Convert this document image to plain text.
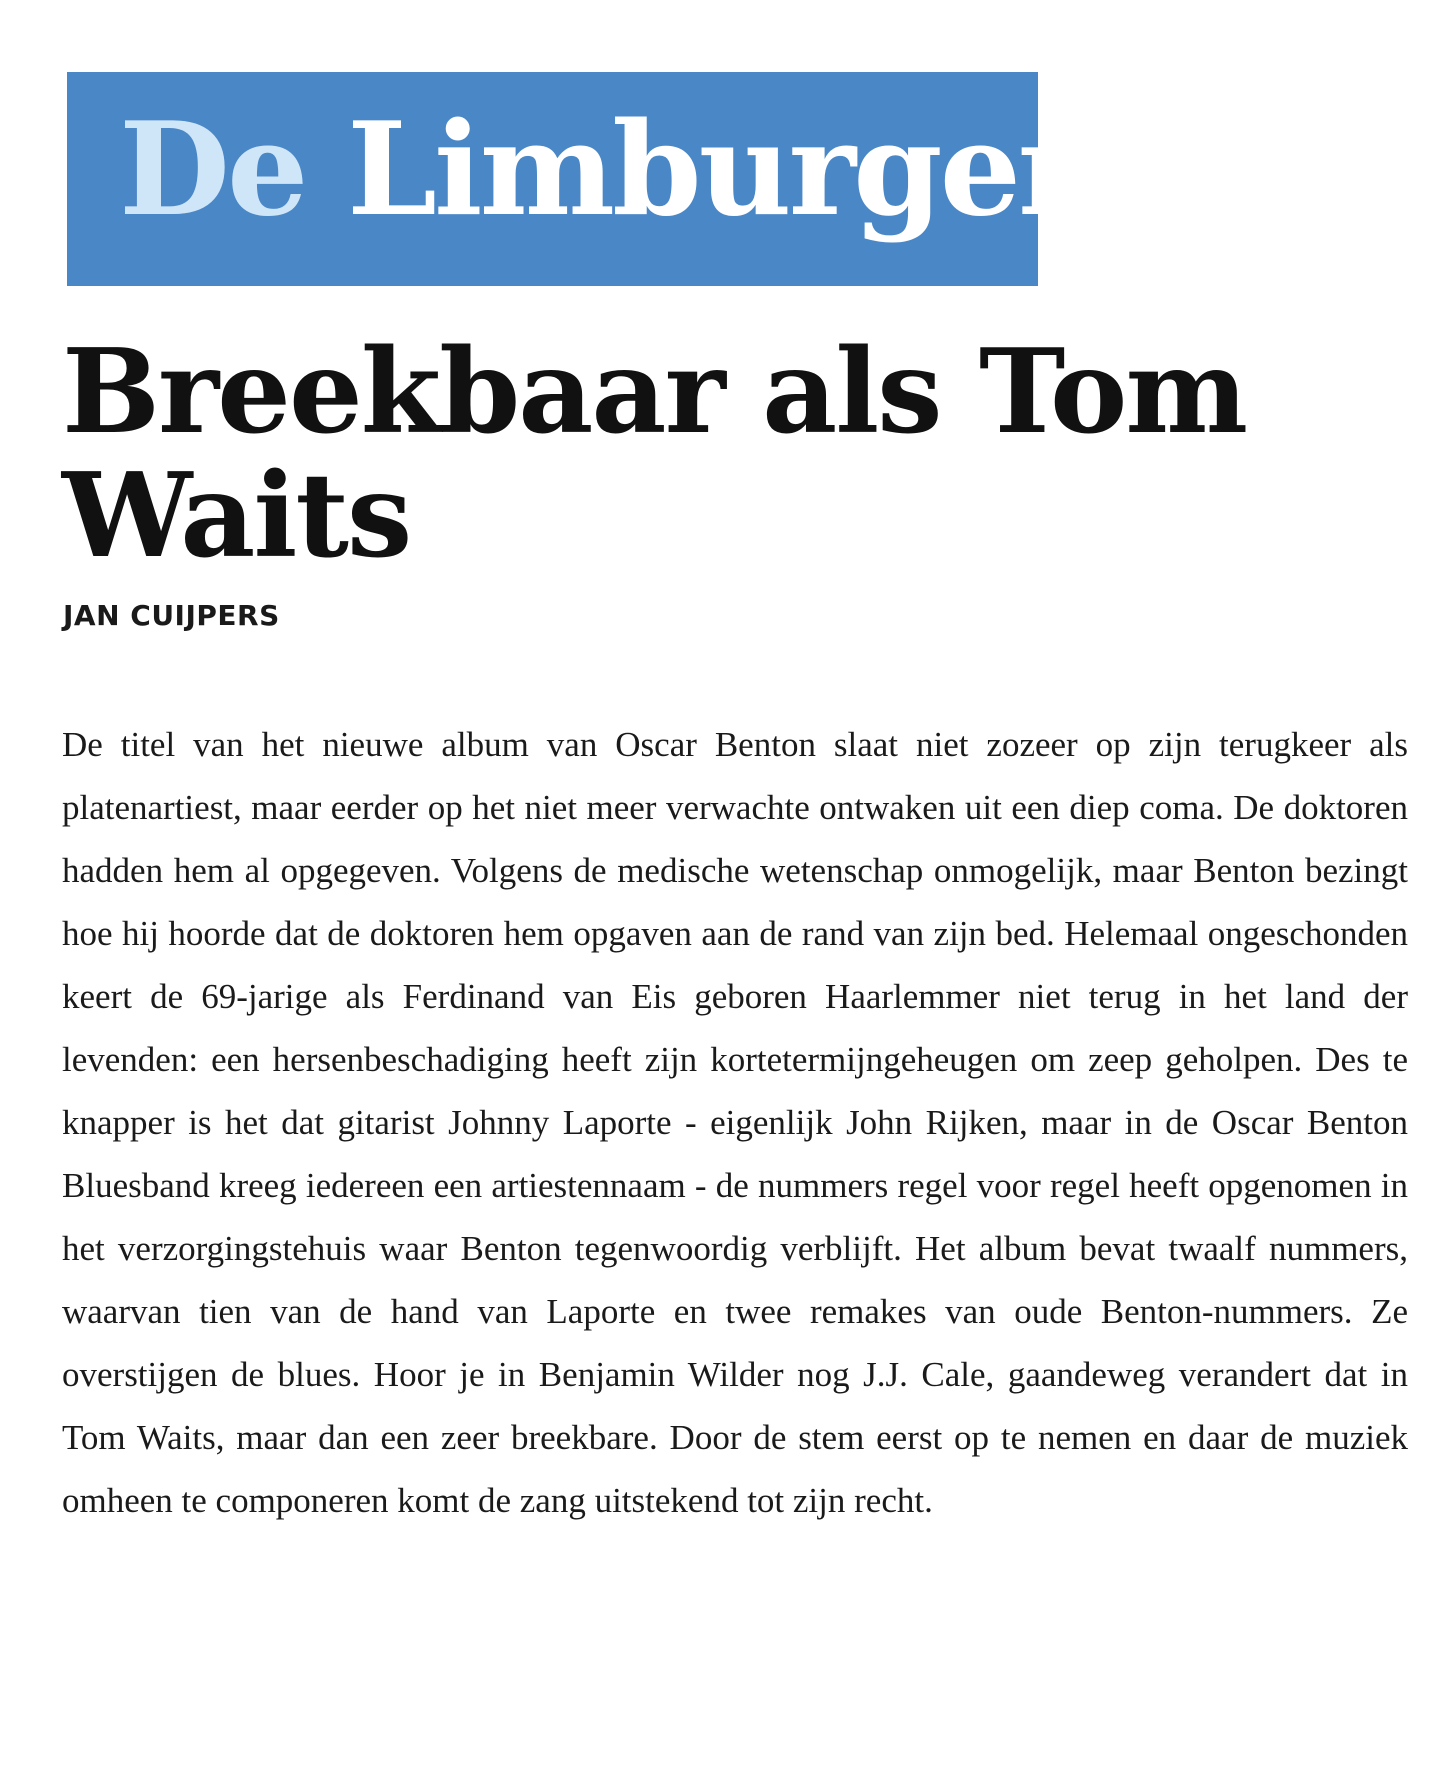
De Limburger
Breekbaar als Tom Waits
JAN CUIJPERS

De titel van het nieuwe album van Oscar Benton slaat niet zozeer op zijn terugkeer als platenartiest, maar eerder op het niet meer verwachte ontwaken uit een diep coma. De doktoren hadden hem al opgegeven. Volgens de medische wetenschap onmogelijk, maar Benton bezingt hoe hij hoorde dat de doktoren hem opgaven aan de rand van zijn bed. Helemaal ongeschonden keert de 69-jarige als Ferdinand van Eis geboren Haarlemmer niet terug in het land der levenden: een hersenbeschadiging heeft zijn kortetermijngeheugen om zeep geholpen. Des te knapper is het dat gitarist Johnny Laporte - eigenlijk John Rijken, maar in de Oscar Benton Bluesband kreeg iedereen een artiestennaam - de nummers regel voor regel heeft opgenomen in het verzorgingstehuis waar Benton tegenwoordig verblijft. Het album bevat twaalf nummers, waarvan tien van de hand van Laporte en twee remakes van oude Benton-nummers. Ze overstijgen de blues. Hoor je in Benjamin Wilder nog J.J. Cale, gaandeweg verandert dat in Tom Waits, maar dan een zeer breekbare. Door de stem eerst op te nemen en daar de muziek omheen te componeren komt de zang uitstekend tot zijn recht.
